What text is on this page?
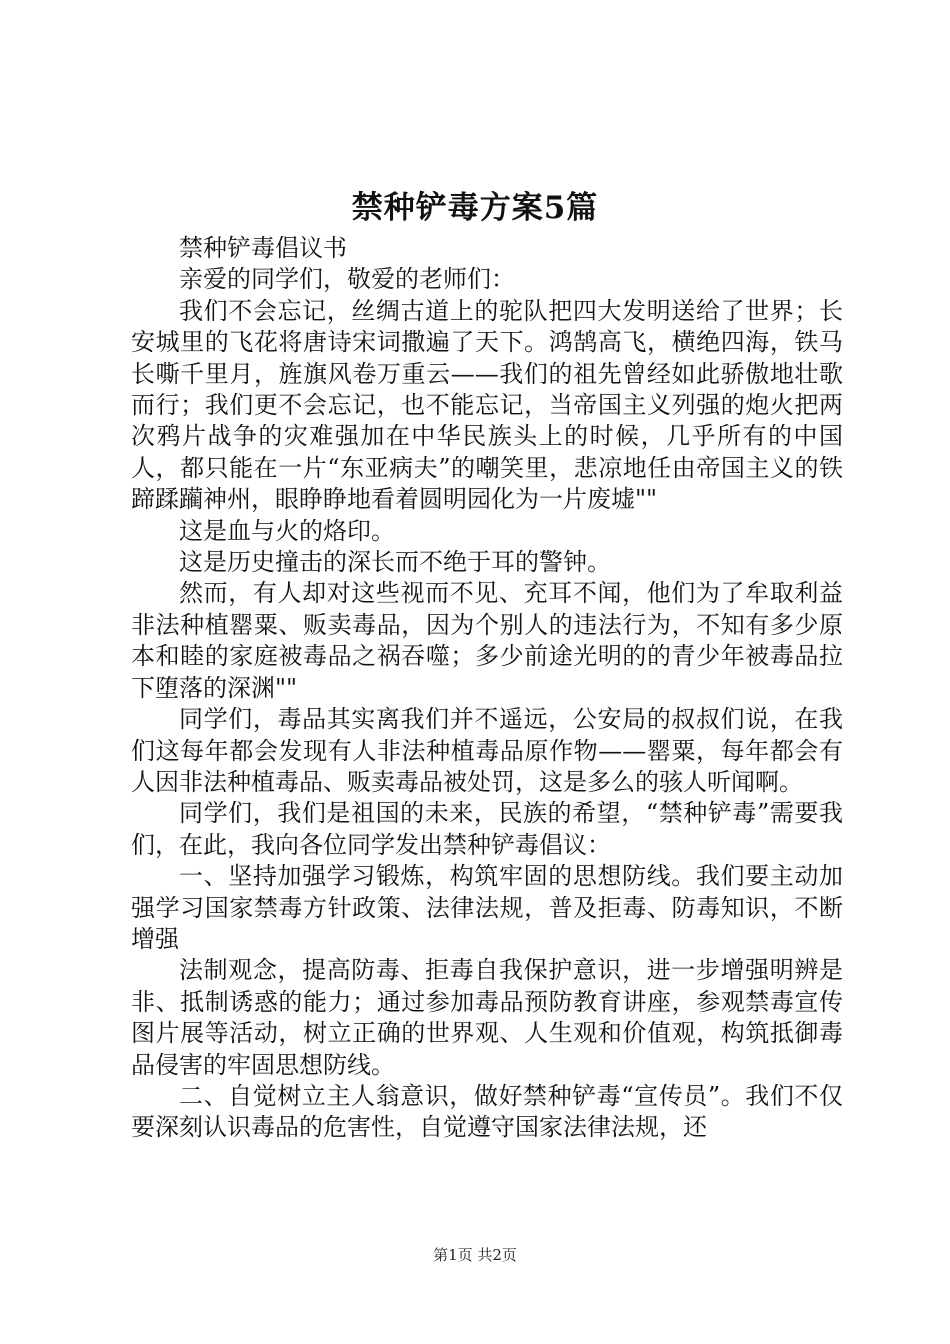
禁种铲毒方案5篇

禁种铲毒倡议书

亲爱的同学们，敬爱的老师们：

我们不会忘记，丝绸古道上的驼队把四大发明送给了世界；长安城里的飞花将唐诗宋词撒遍了天下。鸿鹄高飞，横绝四海，铁马长嘶千里月，旌旗风卷万重云——我们的祖先曾经如此骄傲地壮歌而行；我们更不会忘记，也不能忘记，当帝国主义列强的炮火把两次鸦片战争的灾难强加在中华民族头上的时候，几乎所有的中国人，都只能在一片“东亚病夫”的嘲笑里，悲凉地任由帝国主义的铁蹄蹂躏神州，眼睁睁地看着圆明园化为一片废墟""

这是血与火的烙印。

这是历史撞击的深长而不绝于耳的警钟。

然而，有人却对这些视而不见、充耳不闻，他们为了牟取利益非法种植罂粟、贩卖毒品，因为个别人的违法行为，不知有多少原本和睦的家庭被毒品之祸吞噬；多少前途光明的的青少年被毒品拉下堕落的深渊""

同学们，毒品其实离我们并不遥远，公安局的叔叔们说，在我们这每年都会发现有人非法种植毒品原作物——罂粟，每年都会有人因非法种植毒品、贩卖毒品被处罚，这是多么的骇人听闻啊。

同学们，我们是祖国的未来，民族的希望，“禁种铲毒”需要我们，在此，我向各位同学发出禁种铲毒倡议：

一、坚持加强学习锻炼，构筑牢固的思想防线。我们要主动加强学习国家禁毒方针政策、法律法规，普及拒毒、防毒知识，不断增强

法制观念，提高防毒、拒毒自我保护意识，进一步增强明辨是非、抵制诱惑的能力；通过参加毒品预防教育讲座，参观禁毒宣传图片展等活动，树立正确的世界观、人生观和价值观，构筑抵御毒品侵害的牢固思想防线。

二、自觉树立主人翁意识，做好禁种铲毒“宣传员”。我们不仅要深刻认识毒品的危害性，自觉遵守国家法律法规，还

第1页 共2页
